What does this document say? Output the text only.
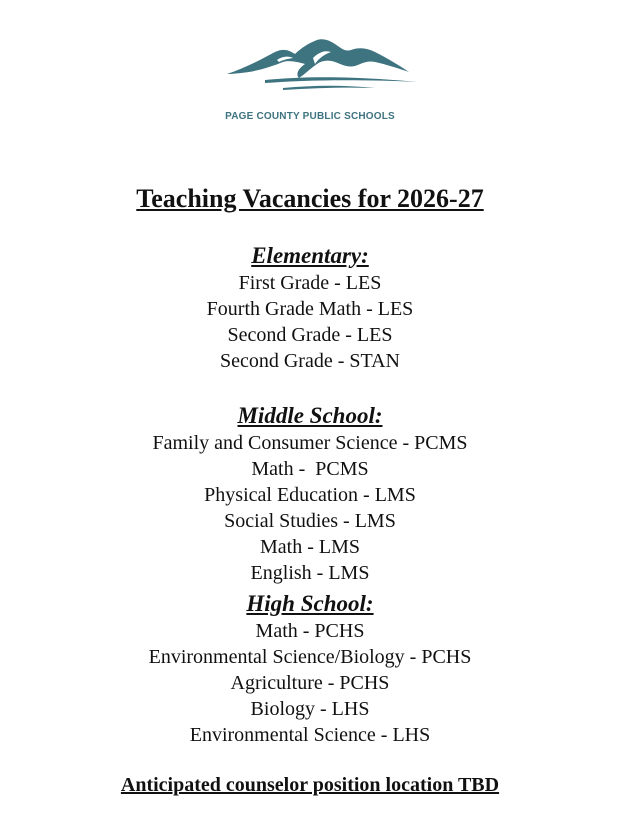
PAGE COUNTY PUBLIC SCHOOLS
Teaching Vacancies for 2026-27
Elementary:
First Grade - LES
Fourth Grade Math - LES
Second Grade - LES
Second Grade - STAN
Middle School:
Family and Consumer Science - PCMS
Math -  PCMS
Physical Education - LMS
Social Studies - LMS
Math - LMS
English - LMS
High School:
Math - PCHS
Environmental Science/Biology - PCHS
Agriculture - PCHS
Biology - LHS
Environmental Science - LHS
Anticipated counselor position location TBD
